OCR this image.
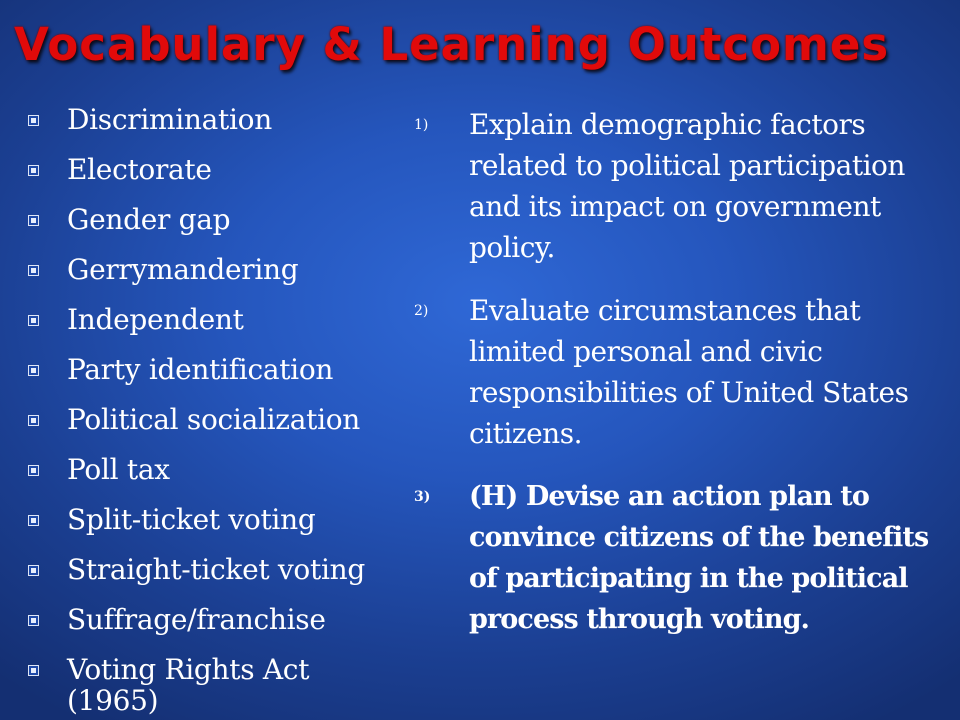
Vocabulary & Learning Outcomes
Discrimination
Electorate
Gender gap
Gerrymandering
Independent
Party identification
Political socialization
Poll tax
Split-ticket voting
Straight-ticket voting
Suffrage/franchise
Voting Rights Act (1965)
1) Explain demographic factors related to political participation and its impact on government policy.
2) Evaluate circumstances that limited personal and civic responsibilities of United States citizens.
3) (H) Devise an action plan to convince citizens of the benefits of participating in the political process through voting.
